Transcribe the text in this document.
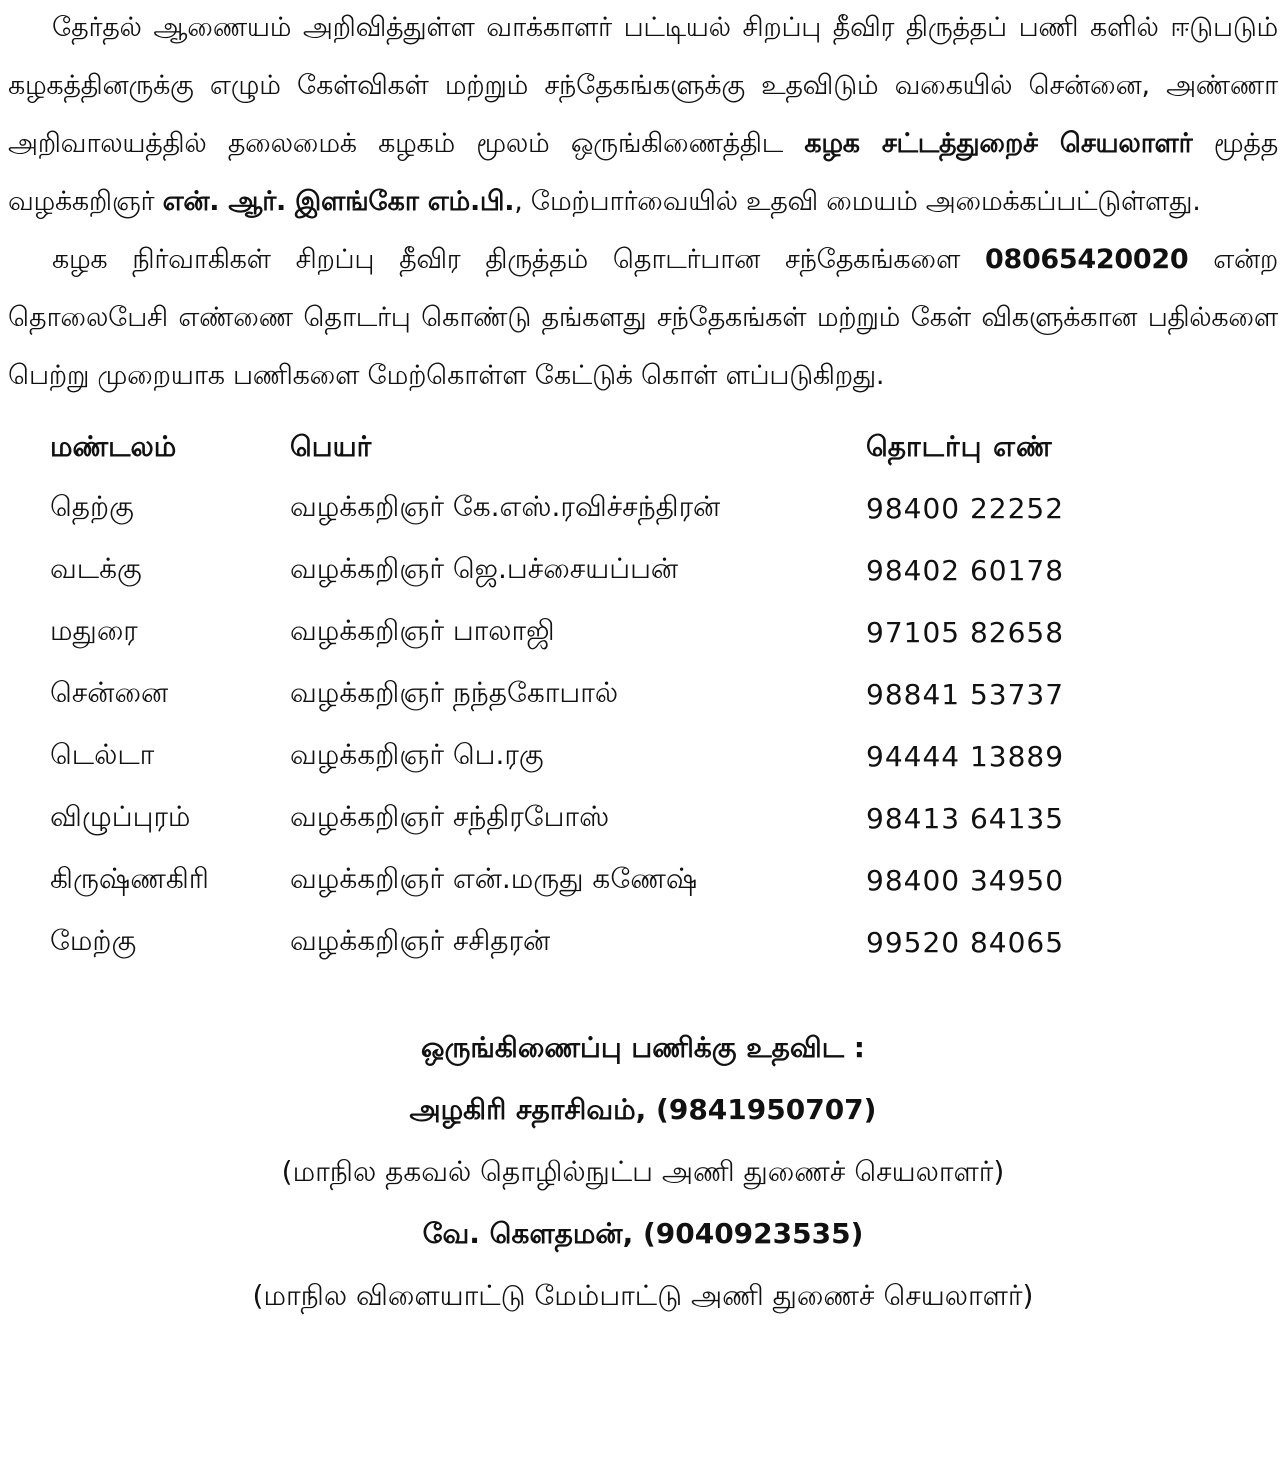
தேர்தல் ஆணையம் அறிவித்துள்ள வாக்காளர் பட்டியல் சிறப்பு தீவிர திருத்தப் பணி களில் ஈடுபடும் கழகத்தினருக்கு எழும் கேள்விகள் மற்றும் சந்தேகங்களுக்கு உதவிடும் வகையில் சென்னை, அண்ணா அறிவாலயத்தில் தலைமைக் கழகம் மூலம் ஒருங்கிணைத்திட கழக சட்டத்துறைச் செயலாளர் மூத்த வழக்கறிஞர் என். ஆர். இளங்கோ எம்.பி., மேற்பார்வையில் உதவி மையம் அமைக்கப்பட்டுள்ளது.

கழக நிர்வாகிகள் சிறப்பு தீவிர திருத்தம் தொடர்பான சந்தேகங்களை 08065420020 என்ற தொலைபேசி எண்ணை தொடர்பு கொண்டு தங்களது சந்தேகங்கள் மற்றும் கேள் விகளுக்கான பதில்களை பெற்று முறையாக பணிகளை மேற்கொள்ள கேட்டுக் கொள் ளப்படுகிறது.

மண்டலம்	பெயர்	தொடர்பு எண்
தெற்கு	வழக்கறிஞர் கே.எஸ்.ரவிச்சந்திரன்	98400 22252
வடக்கு	வழக்கறிஞர் ஜெ.பச்சையப்பன்	98402 60178
மதுரை	வழக்கறிஞர் பாலாஜி	97105 82658
சென்னை	வழக்கறிஞர் நந்தகோபால்	98841 53737
டெல்டா	வழக்கறிஞர் பெ.ரகு	94444 13889
விழுப்புரம்	வழக்கறிஞர் சந்திரபோஸ்	98413 64135
கிருஷ்ணகிரி	வழக்கறிஞர் என்.மருது கணேஷ்	98400 34950
மேற்கு	வழக்கறிஞர் சசிதரன்	99520 84065
ஒருங்கிணைப்பு பணிக்கு உதவிட :
அழகிரி சதாசிவம், (9841950707)
(மாநில தகவல் தொழில்நுட்ப அணி துணைச் செயலாளர்)
வே. கௌதமன், (9040923535)
(மாநில விளையாட்டு மேம்பாட்டு அணி துணைச் செயலாளர்)
